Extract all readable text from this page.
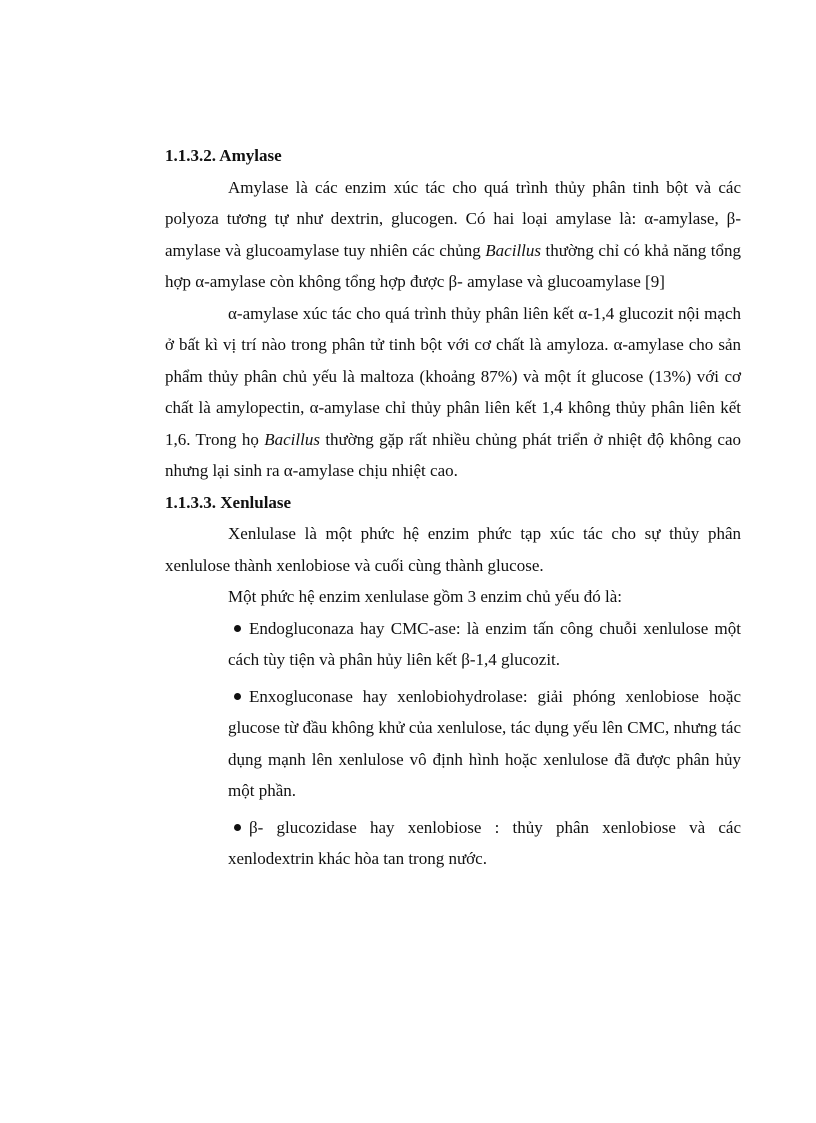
1.1.3.2. Amylase

Amylase là các enzim xúc tác cho quá trình thủy phân tinh bột và các polyoza tương tự như dextrin, glucogen. Có hai loại amylase là: α-amylase, β-amylase và glucoamylase tuy nhiên các chủng Bacillus thường chỉ có khả năng tổng hợp α-amylase còn không tổng hợp được β- amylase và glucoamylase [9]

α-amylase xúc tác cho quá trình thủy phân liên kết α-1,4 glucozit nội mạch ở bất kì vị trí nào trong phân tử tinh bột với cơ chất là amyloza. α-amylase cho sản phẩm thủy phân chủ yếu là maltoza (khoảng 87%) và một ít glucose (13%) với cơ chất là amylopectin, α-amylase chỉ thủy phân liên kết 1,4 không thủy phân liên kết 1,6. Trong họ Bacillus thường gặp rất nhiều chủng phát triển ở nhiệt độ không cao nhưng lại sinh ra α-amylase chịu nhiệt cao.

1.1.3.3. Xenlulase

Xenlulase là một phức hệ enzim phức tạp xúc tác cho sự thủy phân xenlulose thành xenlobiose và cuối cùng thành glucose.

Một phức hệ enzim xenlulase gồm 3 enzim chủ yếu đó là:

Endogluconaza hay CMC-ase: là enzim tấn công chuỗi xenlulose một cách tùy tiện và phân hủy liên kết β-1,4 glucozit.
Enxogluconase hay xenlobiohydrolase: giải phóng xenlobiose hoặc glucose từ đầu không khử của xenlulose, tác dụng yếu lên CMC, nhưng tác dụng mạnh lên xenlulose vô định hình hoặc xenlulose đã được phân hủy một phần.
β- glucozidase hay xenlobiose : thủy phân xenlobiose và các xenlodextrin khác hòa tan trong nước.
